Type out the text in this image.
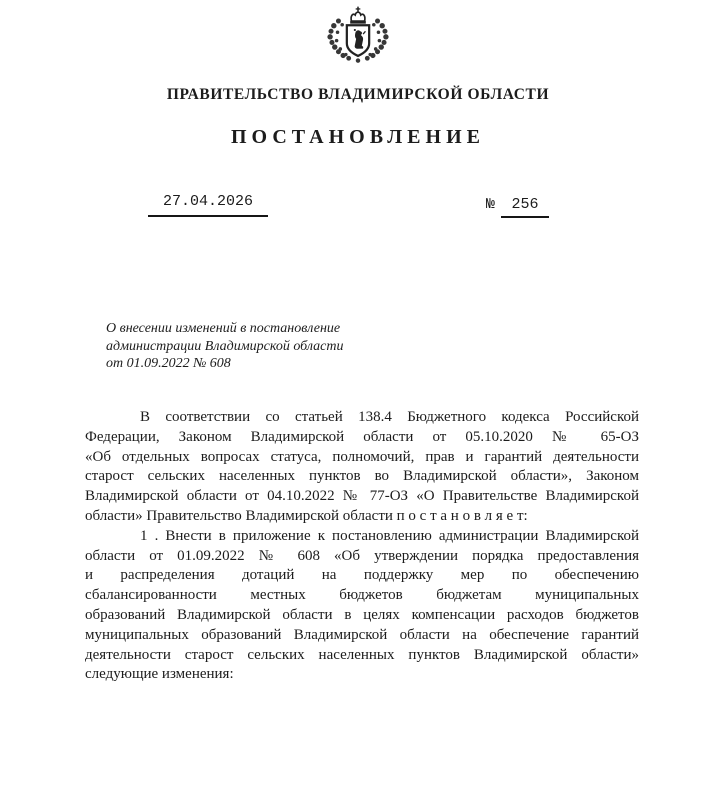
ПРАВИТЕЛЬСТВО ВЛАДИМИРСКОЙ ОБЛАСТИ
ПОСТАНОВЛЕНИЕ
27.04.2026	№ 256
О внесении изменений в постановление
администрации Владимирской области
от 01.09.2022 № 608
В соответствии со статьей 138.4 Бюджетного кодекса Российской
Федерации, Законом Владимирской области от 05.10.2020 № 65-ОЗ
«Об отдельных вопросах статуса, полномочий, прав и гарантий деятельности
старост сельских населенных пунктов во Владимирской области», Законом
Владимирской области от 04.10.2022 № 77-ОЗ «О Правительстве Владимирской
области» Правительство Владимирской области п о с т а н о в л я е т:
1 . Внести в приложение к постановлению администрации Владимирской
области от 01.09.2022 № 608 «Об утверждении порядка предоставления
и распределения дотаций на поддержку мер по обеспечению
сбалансированности местных бюджетов бюджетам муниципальных
образований Владимирской области в целях компенсации расходов бюджетов
муниципальных образований Владимирской области на обеспечение гарантий
деятельности старост сельских населенных пунктов Владимирской области»
следующие изменения:
